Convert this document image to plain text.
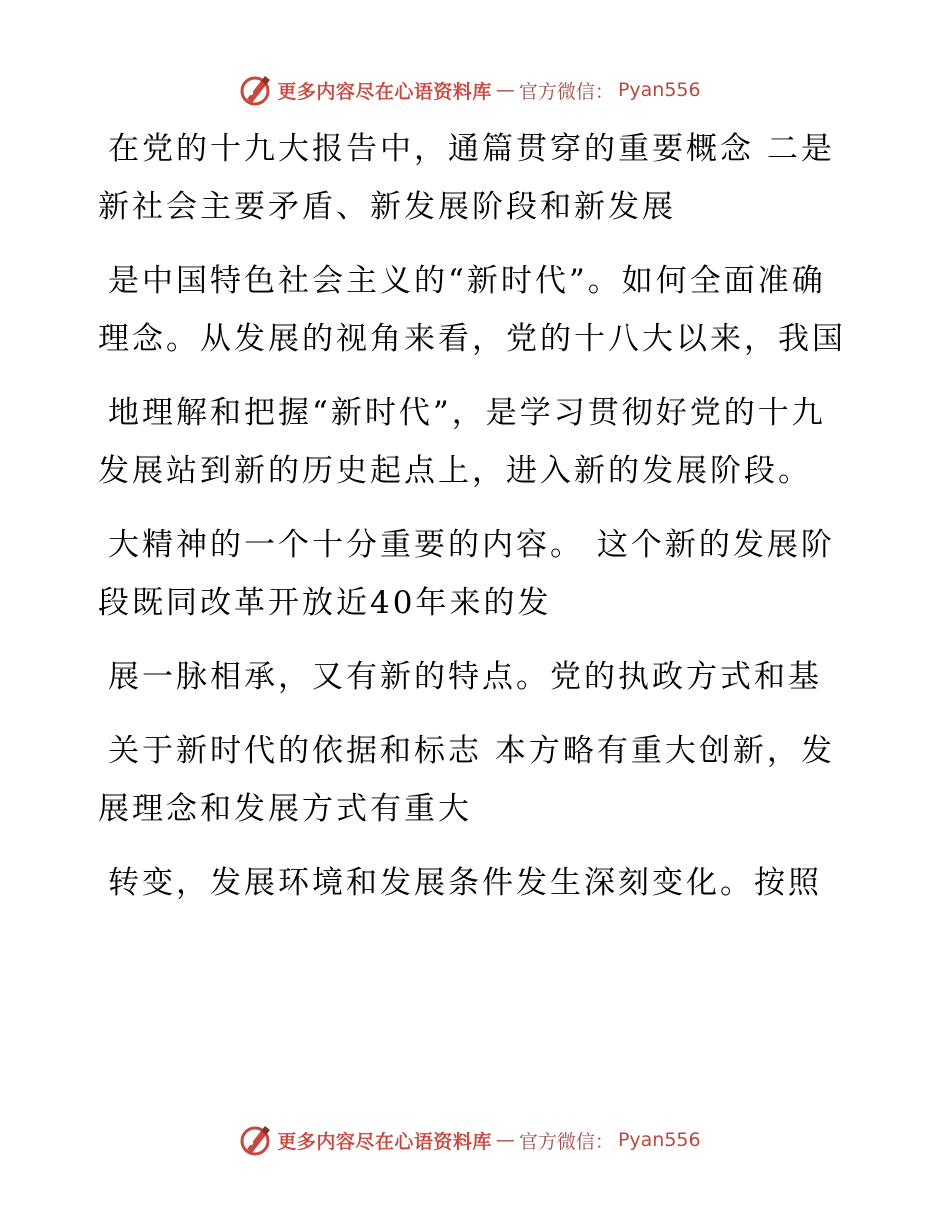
更多内容尽在心语资料库 — 官方微信： Pyan556

在党的十九大报告中，通篇贯穿的重要概念 二是新社会主要矛盾、新发展阶段和新发展

是中国特色社会主义的“新时代”。如何全面准确 理念。从发展的视角来看，党的十八大以来，我国

地理解和把握“新时代”，是学习贯彻好党的十九 发展站到新的历史起点上，进入新的发展阶段。

大精神的一个十分重要的内容。 这个新的发展阶段既同改革开放近40年来的发

展一脉相承，又有新的特点。党的执政方式和基

关于新时代的依据和标志 本方略有重大创新，发展理念和发展方式有重大

转变，发展环境和发展条件发生深刻变化。按照

更多内容尽在心语资料库 — 官方微信： Pyan556
